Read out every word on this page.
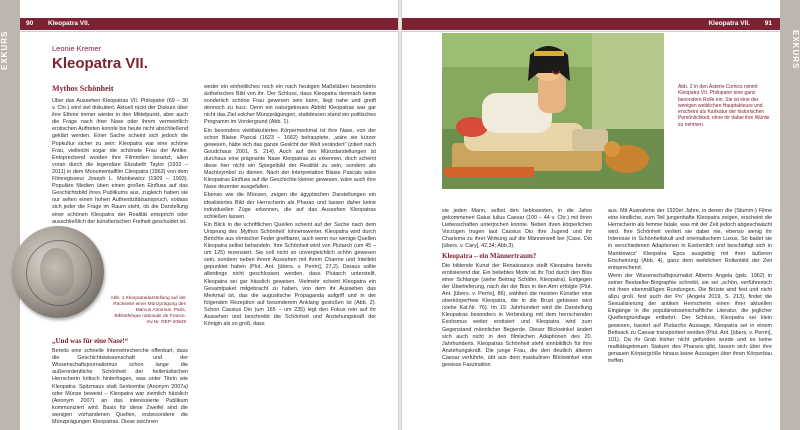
EXKURS
90 Kleopatra VII.
Leonie Kremer
Kleopatra VII.
Mythos Schönheit

Über das Aussehen Kleopatras VII. Philopator (69 – 30 v. Chr.) wird viel diskutiert. Aktuell rückt der Diskurs über ihre Ethnie immer wieder in den Mittelpunkt, aber auch die Frage nach ihrer Nase oder ihrem vermeintlich erotischen Auftreten konnte bis heute nicht abschließend geklärt werden. Einer Sache scheint sich jedoch die Popkultur sicher zu sein: Kleopatra war eine schöne Frau, vielleicht sogar die schönste Frau der Antike. Entsprechend wurden ihre Filmrollen besetzt, allen voran durch die legendäre Elizabeth Taylor (1932 – 2011) in dem Monumentalfilm Cleopatra (1963) von dem Filmregisseur Joseph L. Mankiewicz (1909 – 1993). Populäre Medien üben einen großen Einfluss auf das Geschichtsbild ihres Publikums aus, zugleich haben sie nur selten einen hohen Authentizitätsanspruch, sodass sich jeder die Frage im Raum steht, ob die Darstellung einer schönen Kleopatra der Realität entspricht oder ausschließlich der künstlerischen Freiheit geschuldet ist.

Abb. 1 Kleopatradarstellung auf der Rückseite einer Münzprägung des Marcus Antonius. Paris, Bibliothèque nationale de France, Inv.Nr. REP-20949
„Und was für eine Nase!“

Bereits eine schnelle Internetrecherche offenbart, dass die Geschichtswissenschaft und der Wissenschaftsjournalismus schon lange die außerordentliche Schönheit der hellenistischen Herrscherin kritisch hinterfragen, was unter Titeln wie Kleopatra: Spitzmaus statt Sexbombe (Anonym 2007a) oder Münze beweist – Kleopatra war ziemlich hässlich (Anonym 2007) an das interessierte Publikum kommuniziert wird. Basis für diese Zweifel sind die wenigen vorhandenen Quellen, insbesondere die Münzprägungen Kleopatras. Diese zeichnen

weder ein einheitliches noch ein nach heutigen Maßstäben besonders ästhetisches Bild von ihr. Der Schluss, dass Kleopatra demnach keine sonderlich schöne Frau gewesen sein kann, liegt nahe und greift dennoch zu kurz. Denn ein naturgetreues Abbild Kleopatras war gar nicht das Ziel solcher Münzprägungen, stattdessen stand ein politisches Programm im Vordergrund (Abb. 1).

Ein besonders vieldiskutiertes Körpermerkmal ist ihre Nase, von der schon Blaise Pascal (1623 – 1662) behauptete, „wäre sie kürzer gewesen, hätte sich das ganze Gesicht der Welt verändert“ (zitiert nach Goudchaux 2001, S. 214). Auch auf den Münzdarstellungen ist durchaus eine prägnante Nase Kleopatras zu erkennen, doch scheint diese hier nicht ein Spiegelbild der Realität zu sein, sondern als Machtsymbol zu dienen. Nach der Interpretation Blaise Pascals wäre Kleopatras Einfluss auf die Geschichte kleiner gewesen, wäre auch ihre Nase dezenter ausgefallen.

Ebenso wie die Münzen, zeigen die ägyptischen Darstellungen ein idealisiertes Bild der Herrscherin als Pharao und lassen daher keine individuellen Züge erkennen, die auf das Aussehen Kleopatras schließen lassen.

Ein Blick in die schriftlichen Quellen scheint auf der Suche nach dem Ursprung des ‚Mythos Schönheit‘ lohnenswerter. Kleopatra wird durch Berichte aus römischer Feder greifbarer, auch wenn nur wenige Quellen Kleopatra selbst behandeln. Ihre Schönheit wird von Plutarch (um 45 – um 125) rezensiert. Sie soll nicht so unvergleichlich schön gewesen sein, sondern neben ihrem Aussehen mit ihrem Charme und Intellekt gepunktet haben (Plut. Ant. [übers. v. Perrin], 27,2). Daraus sollte allerdings nicht geschlossen werden, dass Plutarch unterstellt, Kleopatra sei gar hässlich gewesen. Vielmehr scheint Kleopatra ein Gesamtpaket mitgebracht zu haben, von dem ihr Aussehen das Merkmal ist, das die augustische Propaganda aufgriff und in der folgenden Rezeption auf besonderem Anklang gestoßen ist (Abb. 2). Schon Cassius Dio (um 165 – um 235) legt den Fokus rein auf ihr Aussehen und beschreibt die Schönheit und Anziehungskraft der Königin als so groß, dass

Kleopatra VII. 91
EXKURS
Abb. 2 In den Asterix-Comics nimmt Kleopatra VII. Philopator eine ganz besondere Rolle ein. Sie ist eine der wenigen weiblichen Hauptakteure und erscheint als Karikatur der historischen Persönlichkeit, ohne ihr dabei ihre Würde zu nehmen.

sie jeden Mann, selbst den lieblosesten, in die Jahre gekommenen Gaius Iulius Caesar (100 – 44 v. Chr.) mit ihren Liebesschaften unterjochen konnte. Neben ihren körperlichen Vorzügen trugen laut Cassius Dio ihre Jugend und ihr Charisma zu ihrer Wirkung auf die Männerwelt bei (Cass. Dio [übers. v. Cary], 42,34; Abb.3).

Kleopatra – ein Männertraum?

Die bildende Kunst der Renaissance stellt Kleopatra bereits erotisierend dar. Ein beliebtes Motiv ist ihr Tod durch den Biss einer Schlange (siehe Beitrag Schäfer, Kleopatra). Entgegen der Überlieferung, nach der der Biss in den Arm erfolgte (Plut. Ant. [übers. v. Perrin], 86), wählten die meisten Künstler eine oberkörperfreie Kleopatra, die in die Brust gebissen wird (siehe Kat.Nr. 76). Im 19. Jahrhundert wird die Darstellung Kleopatras besonders in Verbindung mit dem herrschenden Exotismus weiter erotisiert und Kleopatra wird zum Gegenstand männlicher Begierde. Dieser Blickwinkel ändert sich auch nicht in den filmischen Adaptionen des 20. Jahrhunderts. Kleopatras Schönheit steht sinnbildlich für ihre Anziehungskraft. Die junge Frau, die den deutlich älteren Caesar verführte, übt aus dem maskulinen Blickwinkel eine gewisse Faszination

aus. Mit Ausnahme der 1920er Jahre, in denen die (Stumm-) Filme eine kindliche, zum Teil jungenhafte Kleopatra zeigen, erscheint die Herrscherin als femme fatale, was mit der Zeit jedoch abgeschwächt wird. Ihre Schönheit verliert sie dabei nie, ebenso wenig ihr Interesse in Schönheitskult und orientalischem Luxus. So badet sie in verschiedenen Adaptionen in Eselsmilch und beschäftigt sich in Mankiewicz’ Kleopatra Epos ausgiebig mit ihrer äußeren Erscheinung (Abb. 4), ganz dem weiblichen Rollenbild der Zeit entsprechend.

Wenn der Wissenschaftsjournalist Alberto Angela (geb. 1962) in seiner Bestseller-Biographie schreibt, sie sei „schön, verführerisch mit ihren ebenmäßigen Rundungen. Die Brüste sind fest und nicht allzu groß, fest auch der Po“ (Angela 2019, S. 213), findet die Sexualisierung der antiken Herrscherin einen ihrer aktuellen Eingänge in die populärwissenschaftliche Literatur, die jeglicher Quellengrundlage entbehrt. Der Schluss, Kleopatra sei klein gewesen, basiert auf Plutarchs Aussage, Kleopatra sei in einem Bettsack zu Caesar transportiert worden (Plut. Ant. [übers. v. Perrin], 101). Da ihr Grab bisher nicht gefunden wurde und es keine realitätsgetreuen Statuen des Pharaos gibt, lassen sich über ihre genauen Körpergröße hinaus keine Aussagen über ihren Körperbau treffen.
